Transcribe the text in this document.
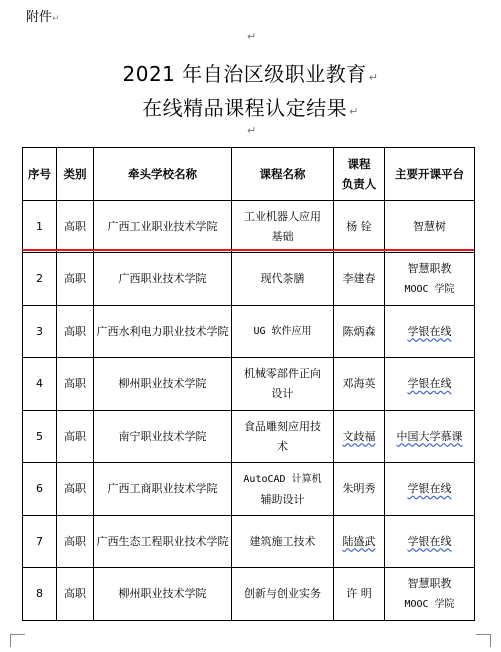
附件↵
↵
2021 年自治区级职业教育 ↵
在线精品课程认定结果 ↵
↵
序号	类别	牵头学校名称	课程名称	课程
负责人	主要开课平台
1	高职	广西工业职业技术学院	工业机器人应用
基础	杨 铨	智慧树
2	高职	广西职业技术学院	现代茶膳	李建春	智慧职教
MOOC 学院
3	高职	广西水利电力职业技术学院	UG 软件应用	陈炳森	学银在线
4	高职	柳州职业技术学院	机械零部件正向
设计	邓海英	学银在线
5	高职	南宁职业技术学院	食品雕刻应用技
术	文歧福	中国大学慕课
6	高职	广西工商职业技术学院	AutoCAD 计算机
辅助设计	朱明秀	学银在线
7	高职	广西生态工程职业技术学院	建筑施工技术	陆盛武	学银在线
8	高职	柳州职业技术学院	创新与创业实务	许 明	智慧职教
MOOC 学院
